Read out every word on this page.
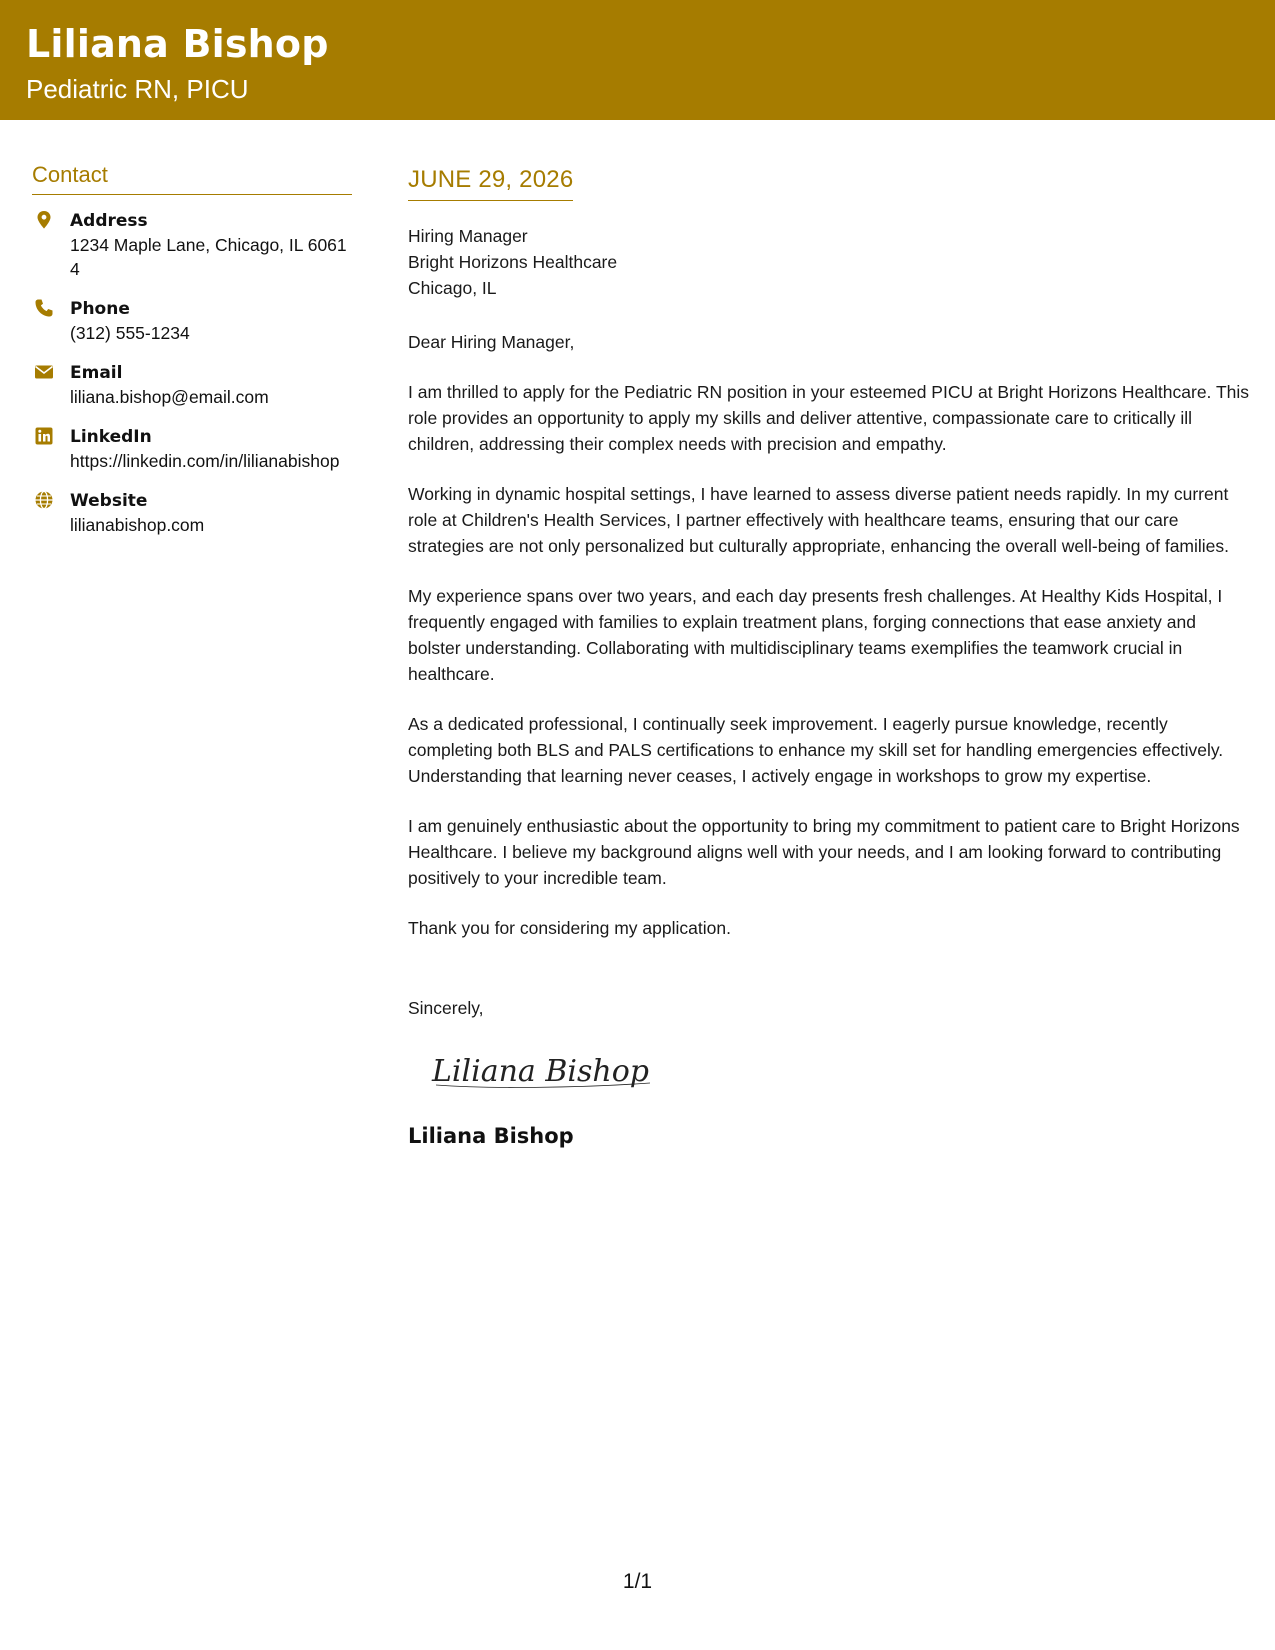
Liliana Bishop
Pediatric RN, PICU
Contact
Address
1234 Maple Lane, Chicago, IL 60614
Phone
(312) 555-1234
Email
liliana.bishop@email.com
LinkedIn
https://linkedin.com/in/lilianabishop
Website
lilianabishop.com
JUNE 29, 2026
Hiring Manager
Bright Horizons Healthcare
Chicago, IL
Dear Hiring Manager,

I am thrilled to apply for the Pediatric RN position in your esteemed PICU at Bright Horizons Healthcare. This role provides an opportunity to apply my skills and deliver attentive, compassionate care to critically ill children, addressing their complex needs with precision and empathy.

Working in dynamic hospital settings, I have learned to assess diverse patient needs rapidly. In my current role at Children's Health Services, I partner effectively with healthcare teams, ensuring that our care strategies are not only personalized but culturally appropriate, enhancing the overall well-being of families.

My experience spans over two years, and each day presents fresh challenges. At Healthy Kids Hospital, I frequently engaged with families to explain treatment plans, forging connections that ease anxiety and bolster understanding. Collaborating with multidisciplinary teams exemplifies the teamwork crucial in healthcare.

As a dedicated professional, I continually seek improvement. I eagerly pursue knowledge, recently completing both BLS and PALS certifications to enhance my skill set for handling emergencies effectively. Understanding that learning never ceases, I actively engage in workshops to grow my expertise.

I am genuinely enthusiastic about the opportunity to bring my commitment to patient care to Bright Horizons Healthcare. I believe my background aligns well with your needs, and I am looking forward to contributing positively to your incredible team.

Thank you for considering my application.

Sincerely,
Liliana Bishop
Liliana Bishop
1/1
